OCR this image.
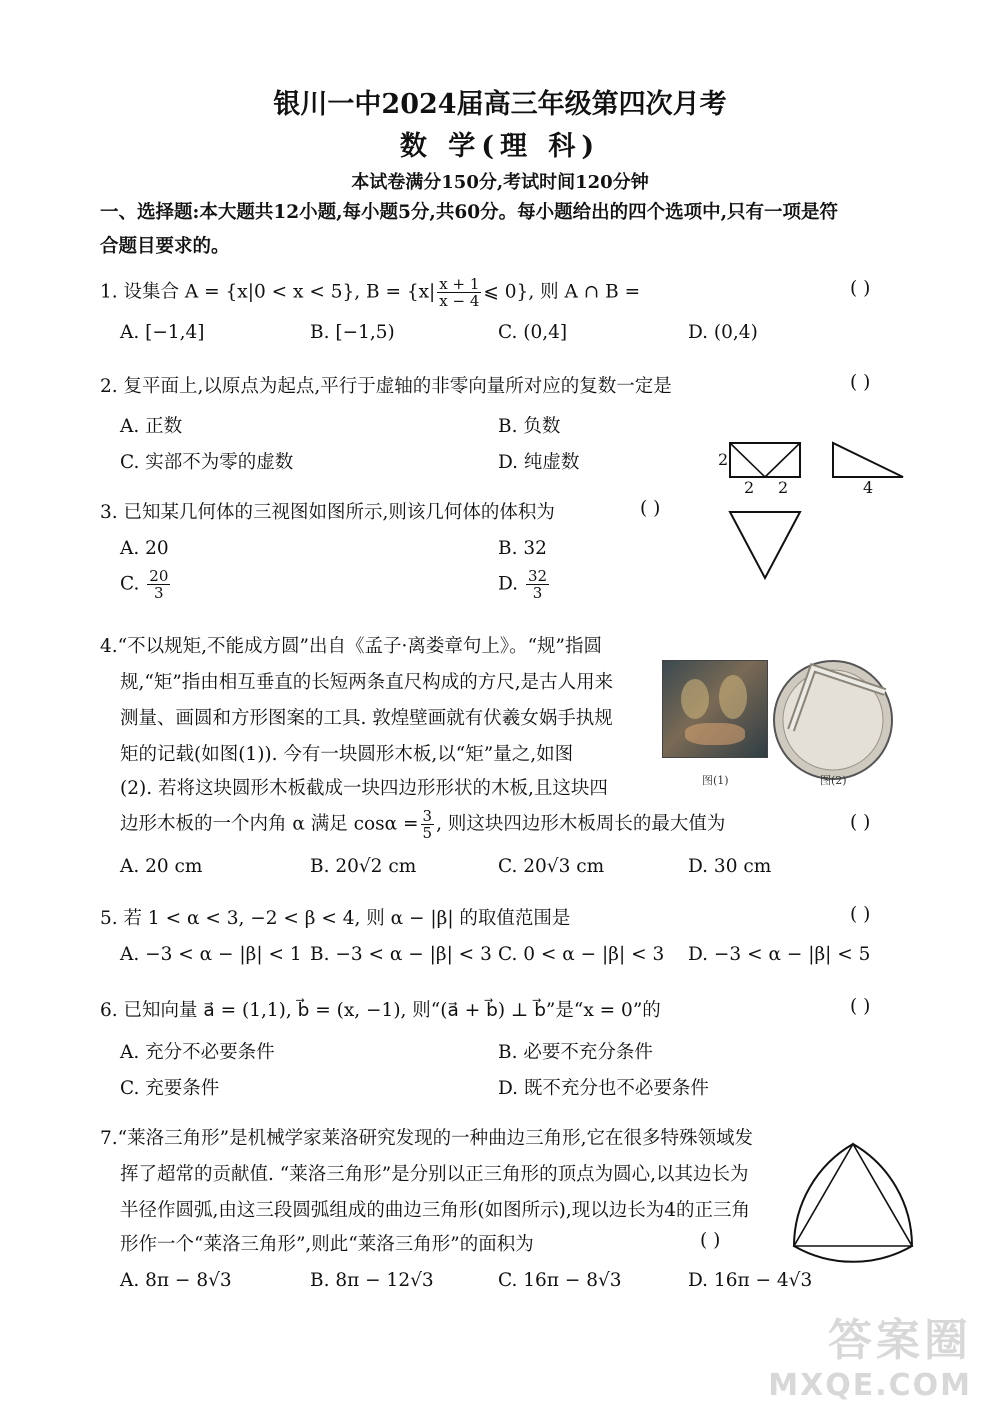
银川一中2024届高三年级第四次月考
数 学(理 科)
本试卷满分150分,考试时间120分钟
一、选择题:本大题共12小题,每小题5分,共60分。每小题给出的四个选项中,只有一项是符
合题目要求的。
1. 设集合 A = {x|0 < x < 5}, $B = \{x| \frac{x + 1}{x - 4}$ ⩽ 0}, 则 A ∩ B =	( )
A. [−1,4]	B. [−1,5)	C. (0,4]	D. (0,4)
2. 复平面上,以原点为起点,平行于虚轴的非零向量所对应的复数一定是	( )
A. 正数	B. 负数
C. 实部不为零的虚数	D. 纯虚数	2
2 2	4
3. 已知某几何体的三视图如图所示,则该几何体的体积为	( )
A. 20	B. 32
C. $\frac{20}{3}$	D. $\frac{32}{3}$
4.“不以规矩,不能成方圆”出自《孟子·离娄章句上》。“规”指圆
规,“矩”指由相互垂直的长短两条直尺构成的方尺,是古人用来
测量、画圆和方形图案的工具. 敦煌壁画就有伏羲女娲手执规
矩的记载(如图(1)). 今有一块圆形木板,以“矩”量之,如图
(2). 若将这块圆形木板截成一块四边形形状的木板,且这块四
边形木板的一个内角 α 满足 $\cos\alpha = \frac{3}{5}$ , 则这块四边形木板周长的最大值为	( )
图(1)	图(2)
A. 20 cm	B. 20√2 cm	C. 20√3 cm	D. 30 cm
5. 若 1 < α < 3, −2 < β < 4, 则 α − |β| 的取值范围是	( )
A. −3 < α − |β| < 1 B. −3 < α − |β| < 3 C. 0 < α − |β| < 3 D. −3 < α − |β| < 5
6. 已知向量 a⃗ = (1,1), b⃗ = (x, −1), 则“(a⃗ + b⃗) ⊥ b⃗”是“x = 0”的	( )
A. 充分不必要条件	B. 必要不充分条件
C. 充要条件	D. 既不充分也不必要条件
7.“莱洛三角形”是机械学家莱洛研究发现的一种曲边三角形,它在很多特殊领域发
挥了超常的贡献值. “莱洛三角形”是分别以正三角形的顶点为圆心,以其边长为
半径作圆弧,由这三段圆弧组成的曲边三角形(如图所示),现以边长为4的正三角
形作一个“莱洛三角形”,则此“莱洛三角形”的面积为	( )
A. 8π − 8√3	B. 8π − 12√3	C. 16π − 8√3	D. 16π − 4√3
答案圈
MXQE.COM
